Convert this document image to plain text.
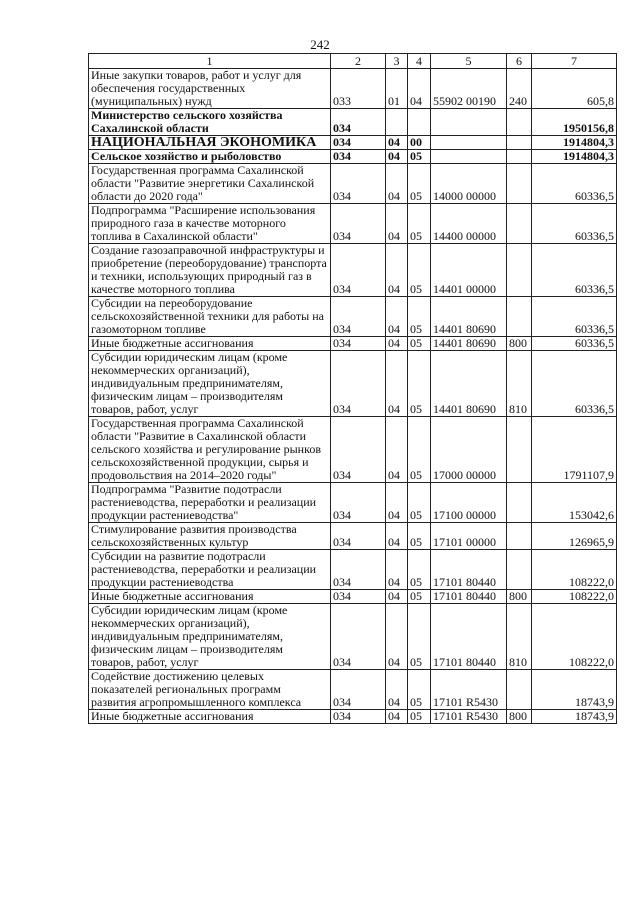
242
1	2	3	4	5	6	7
Иные закупки товаров, работ и услуг для обеспечения государственных (муниципальных) нужд	033	01	04	55902 00190	240	605,8
Министерство сельского хозяйства Сахалинской области	034					1950156,8
НАЦИОНАЛЬНАЯ ЭКОНОМИКА	034	04	00			1914804,3
Сельское хозяйство и рыболовство	034	04	05			1914804,3
Государственная программа Сахалинской области "Развитие энергетики Сахалинской области до 2020 года"	034	04	05	14000 00000		60336,5
Подпрограмма "Расширение использования природного газа в качестве моторного топлива в Сахалинской области"	034	04	05	14400 00000		60336,5
Создание газозаправочной инфраструктуры и приобретение (переоборудование) транспорта и техники, использующих природный газ в качестве моторного топлива	034	04	05	14401 00000		60336,5
Субсидии на переоборудование сельскохозяйственной техники для работы на газомоторном топливе	034	04	05	14401 80690		60336,5
Иные бюджетные ассигнования	034	04	05	14401 80690	800	60336,5
Субсидии юридическим лицам (кроме некоммерческих организаций), индивидуальным предпринимателям, физическим лицам – производителям товаров, работ, услуг	034	04	05	14401 80690	810	60336,5
Государственная программа Сахалинской области "Развитие в Сахалинской области сельского хозяйства и регулирование рынков сельскохозяйственной продукции, сырья и продовольствия на 2014–2020 годы"	034	04	05	17000 00000		1791107,9
Подпрограмма "Развитие подотрасли растениеводства, переработки и реализации продукции растениеводства"	034	04	05	17100 00000		153042,6
Стимулирование развития производства сельскохозяйственных культур	034	04	05	17101 00000		126965,9
Субсидии на развитие подотрасли растениеводства, переработки и реализации продукции растениеводства	034	04	05	17101 80440		108222,0
Иные бюджетные ассигнования	034	04	05	17101 80440	800	108222,0
Субсидии юридическим лицам (кроме некоммерческих организаций), индивидуальным предпринимателям, физическим лицам – производителям товаров, работ, услуг	034	04	05	17101 80440	810	108222,0
Содействие достижению целевых показателей региональных программ развития агропромышленного комплекса	034	04	05	17101 R5430		18743,9
Иные бюджетные ассигнования	034	04	05	17101 R5430	800	18743,9
